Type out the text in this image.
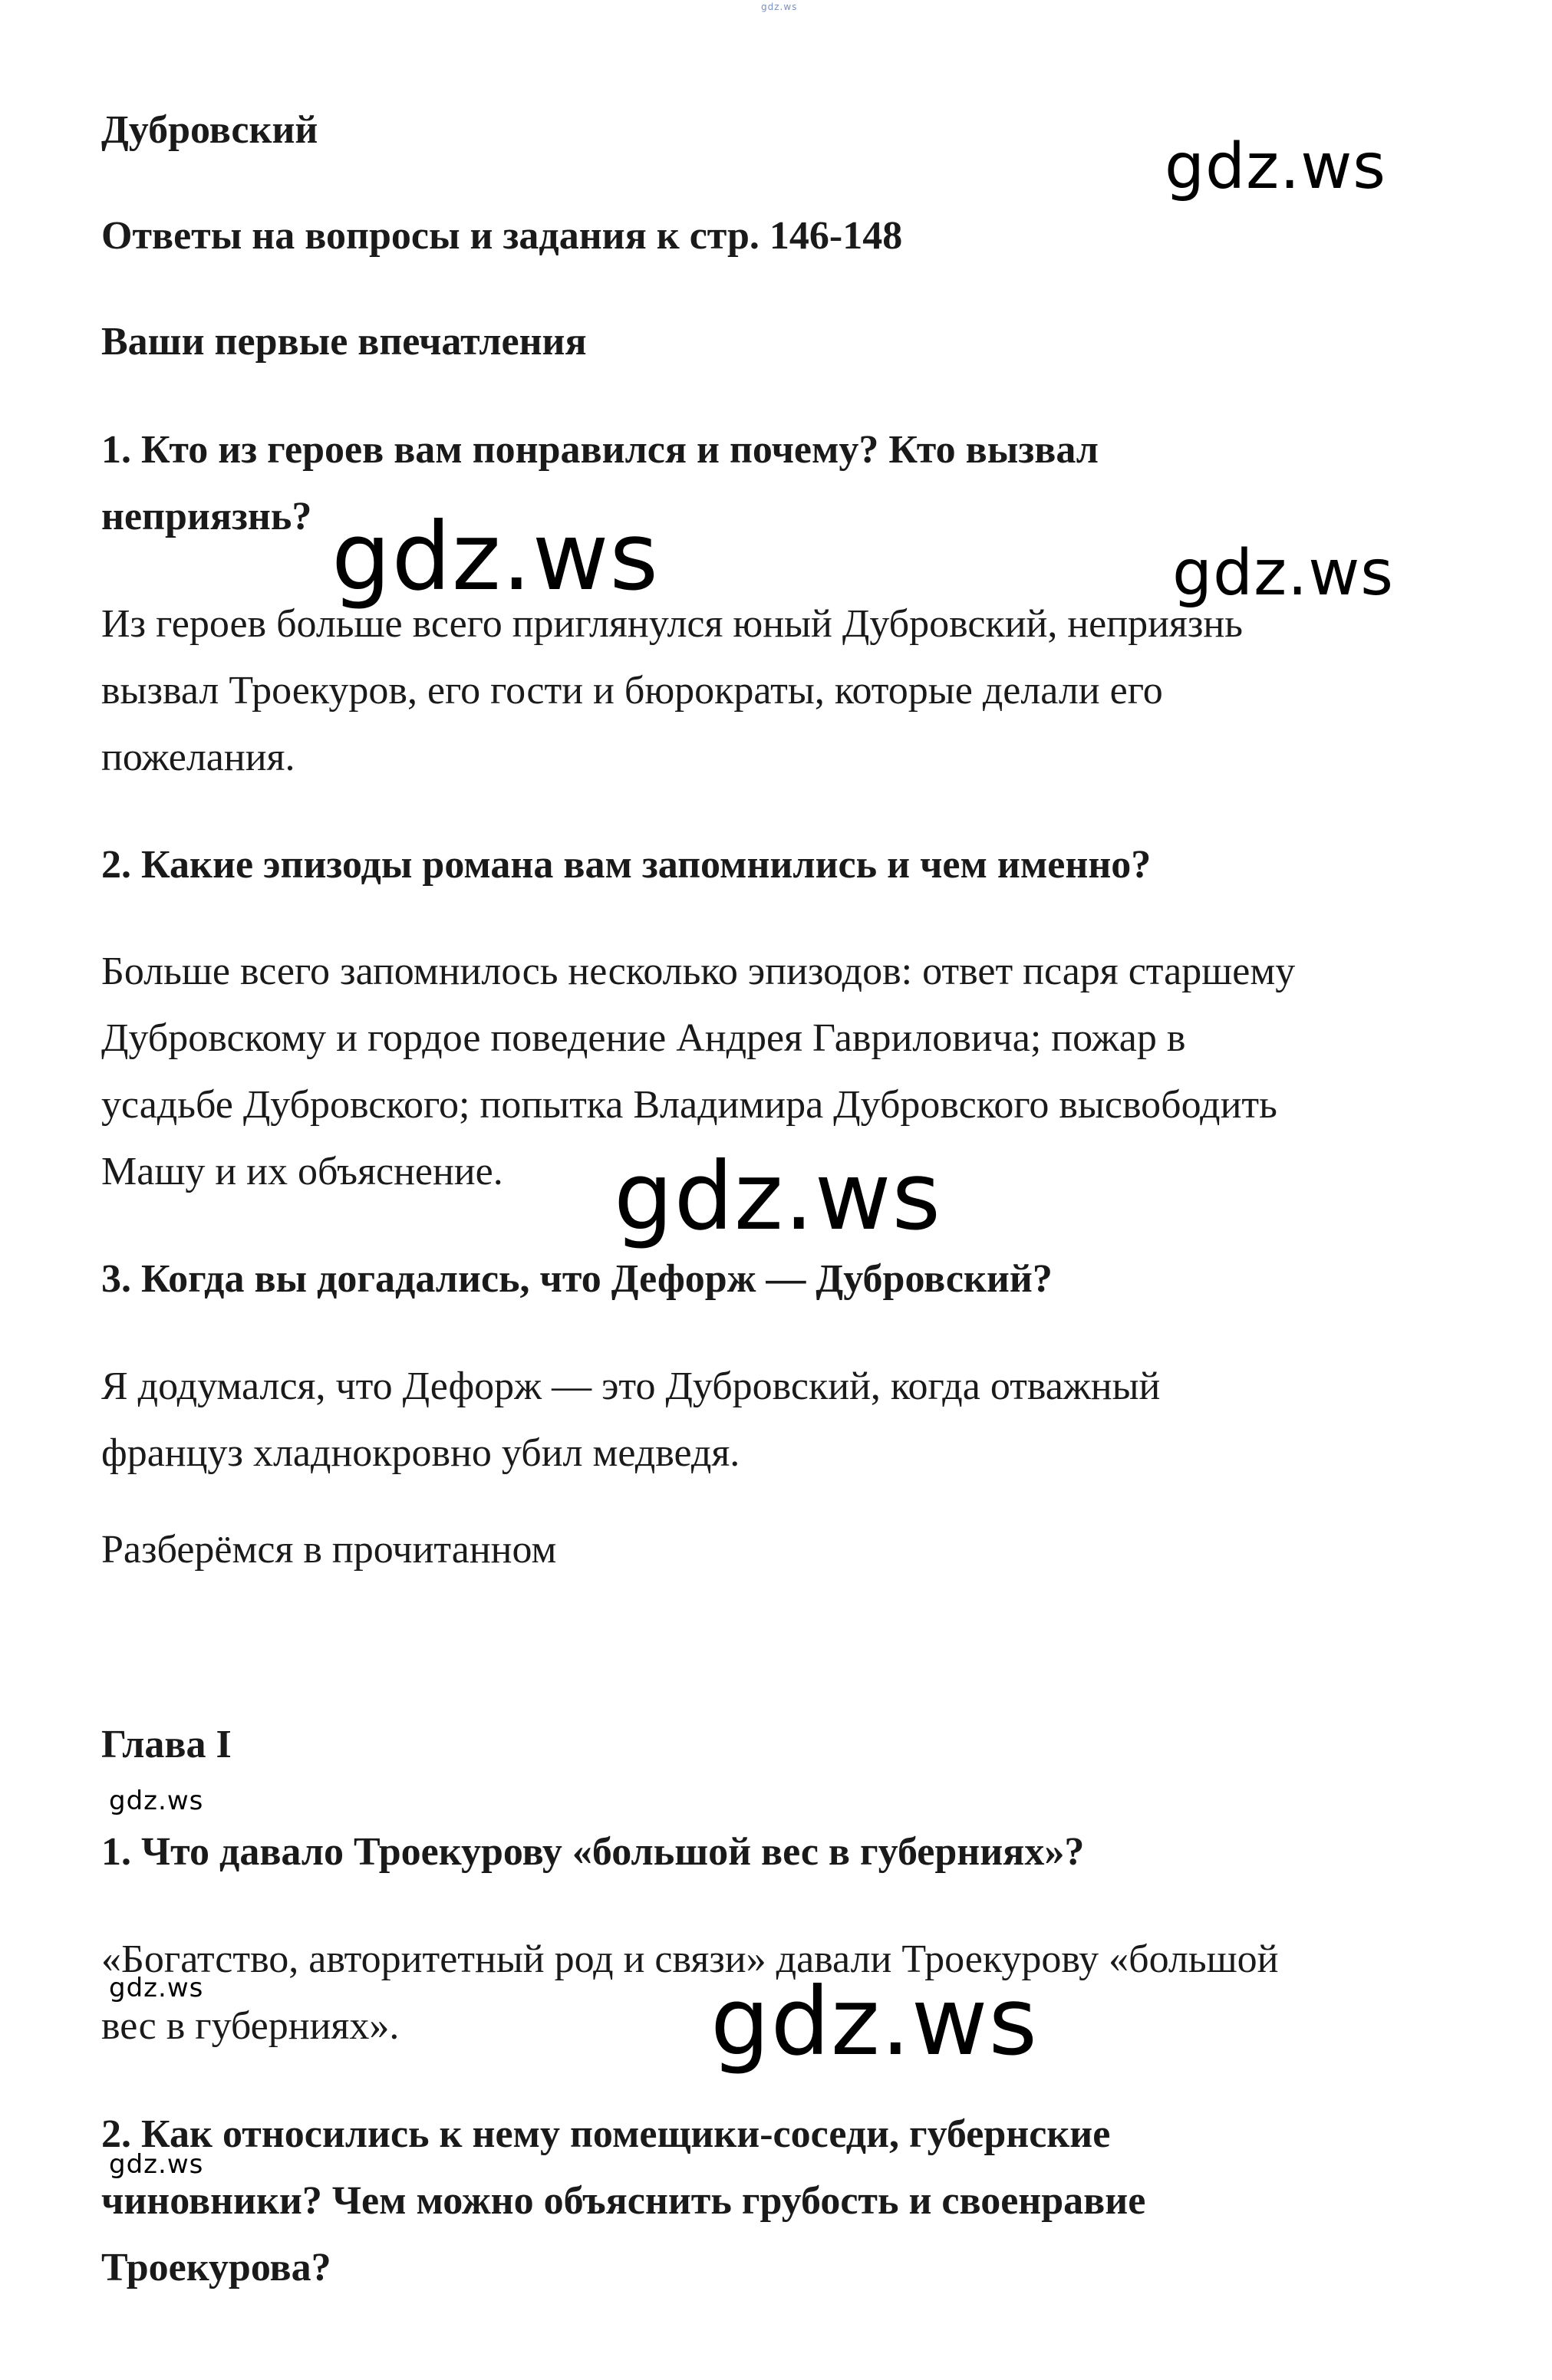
gdz.ws
Дубровский
Ответы на вопросы и задания к стр. 146-148
Ваши первые впечатления
1. Кто из героев вам понравился и почему? Кто вызвал
неприязнь?
Из героев больше всего приглянулся юный Дубровский, неприязнь
вызвал Троекуров, его гости и бюрократы, которые делали его
пожелания.
2. Какие эпизоды романа вам запомнились и чем именно?
Больше всего запомнилось несколько эпизодов: ответ псаря старшему
Дубровскому и гордое поведение Андрея Гавриловича; пожар в
усадьбе Дубровского; попытка Владимира Дубровского высвободить
Машу и их объяснение.
3. Когда вы догадались, что Дефорж — Дубровский?
Я додумался, что Дефорж — это Дубровский, когда отважный
француз хладнокровно убил медведя.
Разберёмся в прочитанном
Глава I
1. Что давало Троекурову «большой вес в губерниях»?
«Богатство, авторитетный род и связи» давали Троекурову «большой
вес в губерниях».
2. Как относились к нему помещики-соседи, губернские
чиновники? Чем можно объяснить грубость и своенравие
Троекурова?
gdz.ws
gdz.ws	gdz.ws
gdz.ws
gdz.ws
gdz.ws	gdz.ws
gdz.ws
